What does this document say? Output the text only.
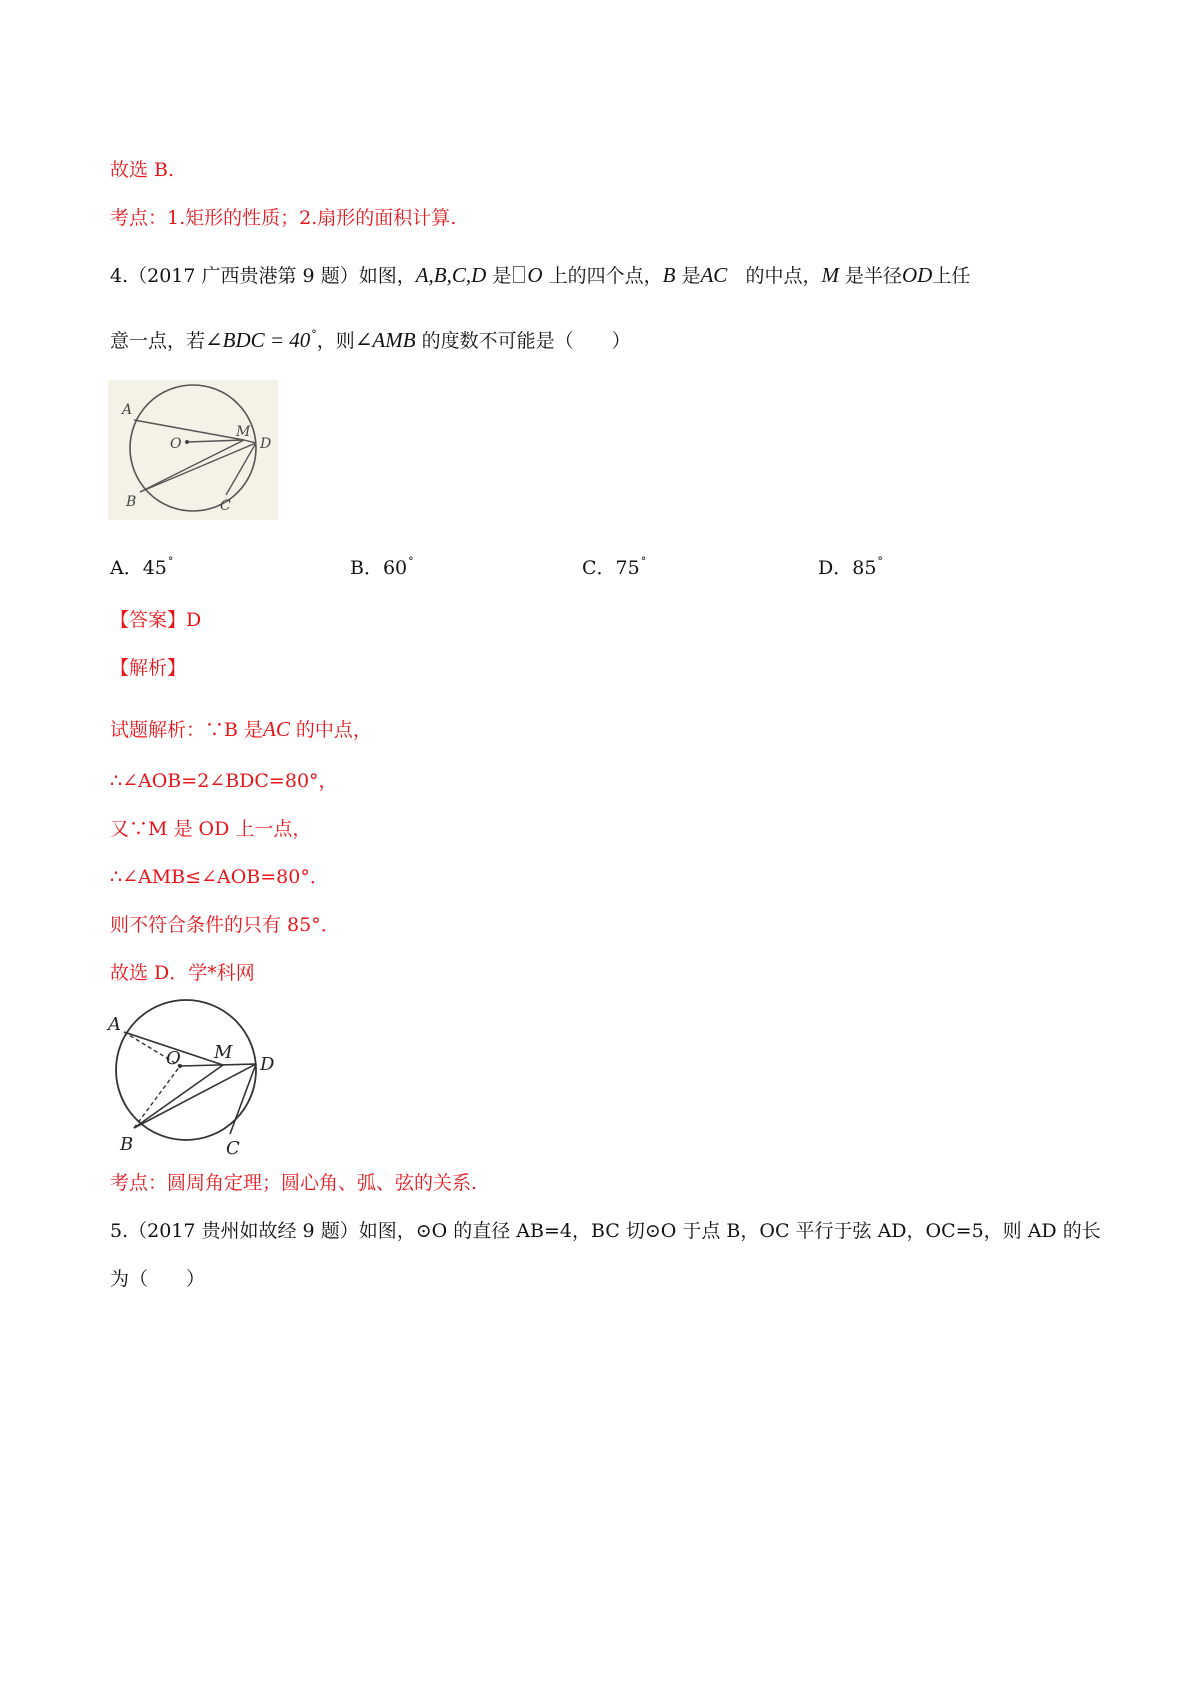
故选 B.
考点：1.矩形的性质；2.扇形的面积计算.
4.（2017 广西贵港第 9 题）如图，A,B,C,D 是 O 上的四个点，B 是AC 的中点，M 是半径OD上任
意一点，若∠BDC = 40°，则∠AMB 的度数不可能是（　　）
A
O
M
D
B	C
A．45°	B．60°	C．75°	D．85°
【答案】D
【解析】
试题解析：∵B 是AC 的中点，
∴∠AOB=2∠BDC=80°，
又∵M 是 OD 上一点，
∴∠AMB≤∠AOB=80°．
则不符合条件的只有 85°．
故选 D．学*科网
A
O M
D
B	C
考点：圆周角定理；圆心角、弧、弦的关系.
5.（2017 贵州如故经 9 题）如图，⊙O 的直径 AB=4，BC 切⊙O 于点 B，OC 平行于弦 AD，OC=5，则 AD 的长
为（　　）
